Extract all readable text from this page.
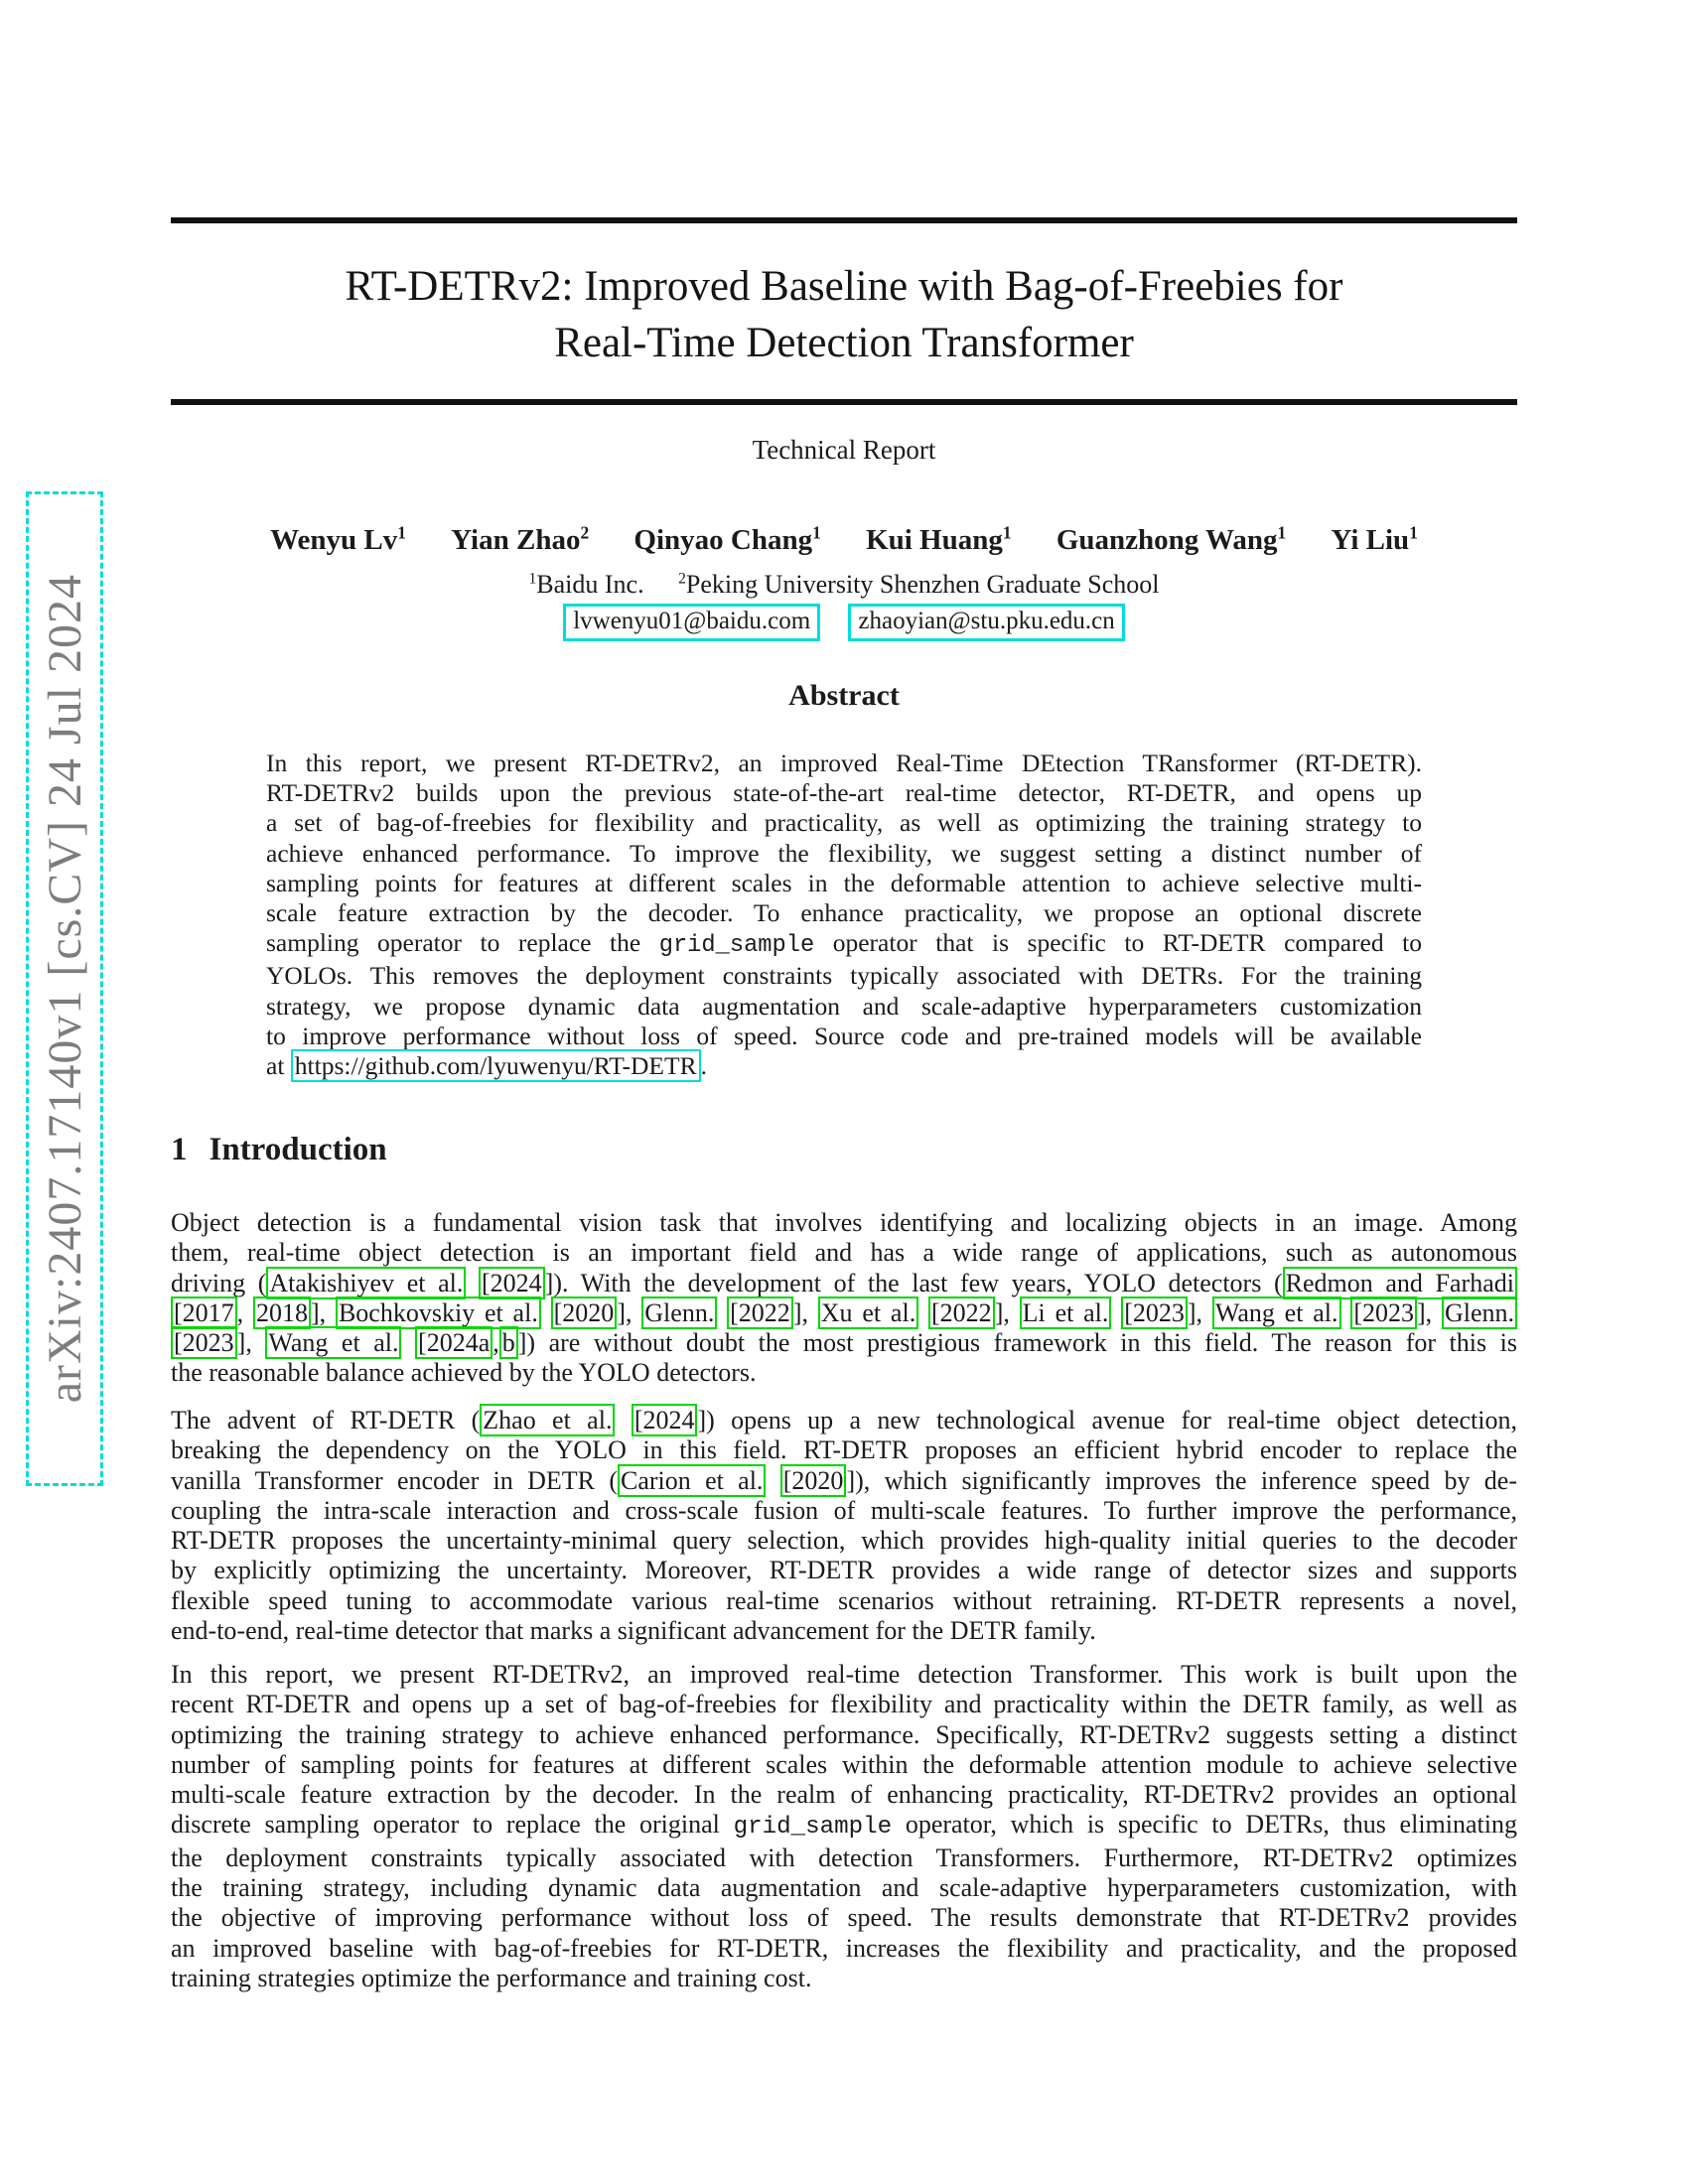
arXiv:2407.17140v1 [cs.CV] 24 Jul 2024
RT-DETRv2: Improved Baseline with Bag-of-Freebies for
Real-Time Detection Transformer
Technical Report
Wenyu Lv$^1$ Yian Zhao$^2$ Qinyao Chang$^1$ Kui Huang$^1$ Guanzhong Wang$^1$ Yi Liu$^1$
$^1$Baidu Inc. $^2$Peking University Shenzhen Graduate School
lvwenyu01@baidu.com zhaoyian@stu.pku.edu.cn
Abstract
In this report, we present RT-DETRv2, an improved Real-Time DEtection TRansformer (RT-DETR).
RT-DETRv2 builds upon the previous state-of-the-art real-time detector, RT-DETR, and opens up
a set of bag-of-freebies for flexibility and practicality, as well as optimizing the training strategy to
achieve enhanced performance. To improve the flexibility, we suggest setting a distinct number of
sampling points for features at different scales in the deformable attention to achieve selective multi-
scale feature extraction by the decoder. To enhance practicality, we propose an optional discrete
sampling operator to replace the grid_sample operator that is specific to RT-DETR compared to
YOLOs. This removes the deployment constraints typically associated with DETRs. For the training
strategy, we propose dynamic data augmentation and scale-adaptive hyperparameters customization
to improve performance without loss of speed. Source code and pre-trained models will be available
at https://github.com/lyuwenyu/RT-DETR .
1 Introduction
Object detection is a fundamental vision task that involves identifying and localizing objects in an image. Among
them, real-time object detection is an important field and has a wide range of applications, such as autonomous
driving ( Atakishiyev et al. [2024 ]). With the development of the last few years, YOLO detectors ( Redmon and Farhadi
[2017 , 2018 ], Bochkovskiy et al. [2020 ], Glenn. [2022 ], Xu et al. [2022 ], Li et al. [2023 ], Wang et al. [2023 ], Glenn.
[2023 ], Wang et al. [2024a , b ]) are without doubt the most prestigious framework in this field. The reason for this is
the reasonable balance achieved by the YOLO detectors.
The advent of RT-DETR ( Zhao et al. [2024 ]) opens up a new technological avenue for real-time object detection,
breaking the dependency on the YOLO in this field. RT-DETR proposes an efficient hybrid encoder to replace the
vanilla Transformer encoder in DETR ( Carion et al. [2020 ]), which significantly improves the inference speed by de-
coupling the intra-scale interaction and cross-scale fusion of multi-scale features. To further improve the performance,
RT-DETR proposes the uncertainty-minimal query selection, which provides high-quality initial queries to the decoder
by explicitly optimizing the uncertainty. Moreover, RT-DETR provides a wide range of detector sizes and supports
flexible speed tuning to accommodate various real-time scenarios without retraining. RT-DETR represents a novel,
end-to-end, real-time detector that marks a significant advancement for the DETR family.
In this report, we present RT-DETRv2, an improved real-time detection Transformer. This work is built upon the
recent RT-DETR and opens up a set of bag-of-freebies for flexibility and practicality within the DETR family, as well as
optimizing the training strategy to achieve enhanced performance. Specifically, RT-DETRv2 suggests setting a distinct
number of sampling points for features at different scales within the deformable attention module to achieve selective
multi-scale feature extraction by the decoder. In the realm of enhancing practicality, RT-DETRv2 provides an optional
discrete sampling operator to replace the original grid_sample operator, which is specific to DETRs, thus eliminating
the deployment constraints typically associated with detection Transformers. Furthermore, RT-DETRv2 optimizes
the training strategy, including dynamic data augmentation and scale-adaptive hyperparameters customization, with
the objective of improving performance without loss of speed. The results demonstrate that RT-DETRv2 provides
an improved baseline with bag-of-freebies for RT-DETR, increases the flexibility and practicality, and the proposed
training strategies optimize the performance and training cost.
